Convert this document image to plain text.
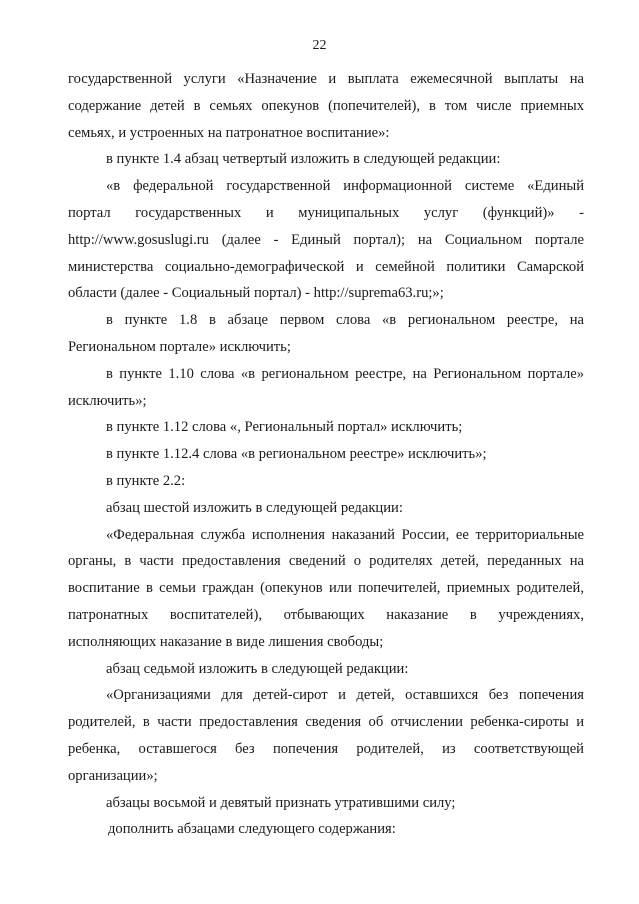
22

государственной услуги «Назначение и выплата ежемесячной выплаты на содержание детей в семьях опекунов (попечителей), в том числе приемных семьях, и устроенных на патронатное воспитание»:

в пункте 1.4 абзац четвертый изложить в следующей редакции:

«в федеральной государственной информационной системе «Единый портал государственных и муниципальных услуг (функций)» - http://www.gosuslugi.ru (далее - Единый портал); на Социальном портале министерства социально-демографической и семейной политики Самарской области (далее - Социальный портал) - http://suprema63.ru;»;

в пункте 1.8 в абзаце первом слова «в региональном реестре, на Региональном портале» исключить;

в пункте 1.10 слова «в региональном реестре, на Региональном портале» исключить»;

в пункте 1.12 слова «, Региональный портал» исключить;

в пункте 1.12.4 слова «в региональном реестре» исключить»;

в пункте 2.2:

абзац шестой изложить в следующей редакции:

«Федеральная служба исполнения наказаний России, ее территориальные органы, в части предоставления сведений о родителях детей, переданных на воспитание в семьи граждан (опекунов или попечителей, приемных родителей, патронатных воспитателей), отбывающих наказание в учреждениях, исполняющих наказание в виде лишения свободы;

абзац седьмой изложить в следующей редакции:

«Организациями для детей-сирот и детей, оставшихся без попечения родителей, в части предоставления сведения об отчислении ребенка-сироты и ребенка, оставшегося без попечения родителей, из соответствующей организации»;

абзацы восьмой и девятый признать утратившими силу;

дополнить абзацами следующего содержания:
